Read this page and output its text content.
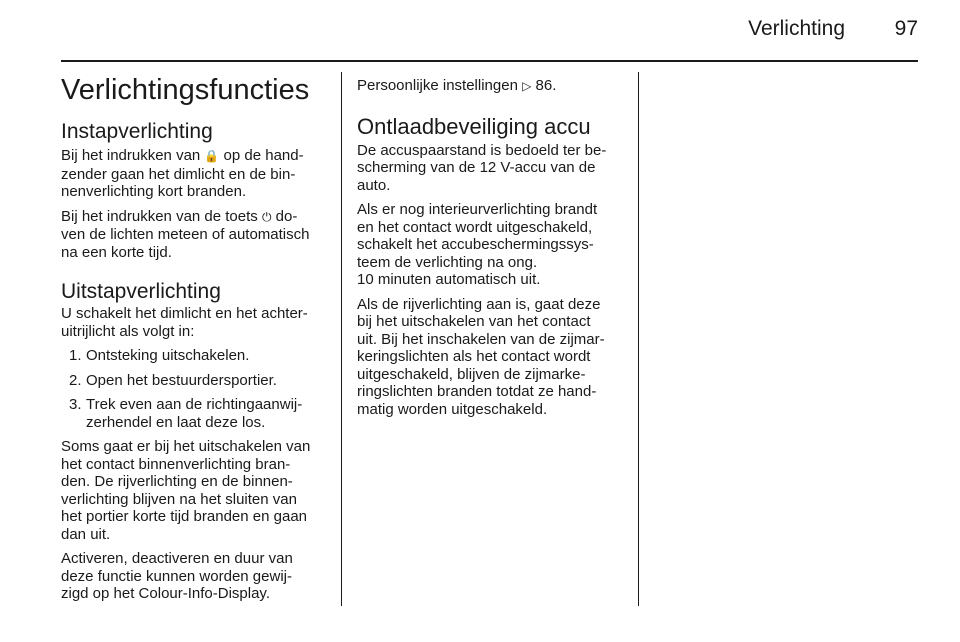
Verlichting	97
Verlichtingsfuncties
Instapverlichting
Bij het indrukken van 🔒 op de hand-
zender gaan het dimlicht en de bin-
nenverlichting kort branden.
Bij het indrukken van de toets ⏻ do-
ven de lichten meteen of automatisch
na een korte tijd.
Uitstapverlichting
U schakelt het dimlicht en het achter-
uitrijlicht als volgt in:
1. Ontsteking uitschakelen.
2. Open het bestuurdersportier.
3. Trek even aan de richtingaanwij-
zerhendel en laat deze los.
Soms gaat er bij het uitschakelen van
het contact binnenverlichting bran-
den. De rijverlichting en de binnen-
verlichting blijven na het sluiten van
het portier korte tijd branden en gaan
dan uit.
Activeren, deactiveren en duur van
deze functie kunnen worden gewij-
zigd op het Colour-Info-Display.
Persoonlijke instellingen ▷ 86.
Ontlaadbeveiliging accu
De accuspaarstand is bedoeld ter be-
scherming van de 12 V-accu van de
auto.
Als er nog interieurverlichting brandt
en het contact wordt uitgeschakeld,
schakelt het accubeschermingssys-
teem de verlichting na ong.
10 minuten automatisch uit.
Als de rijverlichting aan is, gaat deze
bij het uitschakelen van het contact
uit. Bij het inschakelen van de zijmar-
keringslichten als het contact wordt
uitgeschakeld, blijven de zijmarke-
ringslichten branden totdat ze hand-
matig worden uitgeschakeld.
